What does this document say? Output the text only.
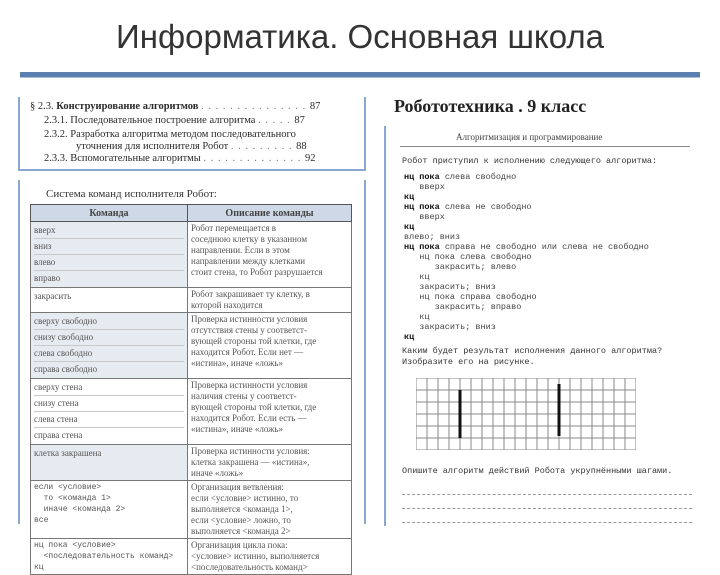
Информатика. Основная школа
§ 2.3. Конструирование алгоритмов . . . . . . . . . . . . . . . 87
2.3.1. Последовательное построение алгоритма . . . . . 87
2.3.2. Разработка алгоритма методом последовательного
уточнения для исполнителя Робот . . . . . . . . . 88
2.3.3. Вспомогательные алгоритмы . . . . . . . . . . . . . . 92
Система команд исполнителя Робот:
Команда	Описание команды

вверх
вниз
влево
вправо	Робот перемещается в
соседнюю клетку в указанном
направлении. Если в этом
направлении между клетками
стоит стена, то Робот разрушается

закрасить	Робот закрашивает ту клетку, в
которой находится

сверху свободно
снизу свободно
слева свободно
справа свободно	Проверка истинности условия
отсутствия стены у соответст-
вующей стороны той клетки, где
находится Робот. Если нет —
«истина», иначе «ложь»

сверху стена
снизу стена
слева стена
справа стена	Проверка истинности условия
наличия стены у соответст-
вующей стороны той клетки, где
находится Робот. Если есть —
«истина», иначе «ложь»

клетка закрашена	Проверка истинности условия:
клетка закрашена — «истина»,
иначе «ложь»

если <условие>
то <команда 1>
иначе <команда 2>
все	Организация ветвления:
если <условие> истинно, то
выполняется <команда 1>,
если <условие> ложно, то
выполняется <команда 2>

нц пока <условие>
<последовательность команд>
кц	Организация цикла пока:
<условие> истинно, выполняется
<последовательность команд>
Робототехника . 9 класс
Алгоритмизация и программирование
Робот приступил к исполнению следующего алгоритма:
нц пока слева свободно
вверх
кц
нц пока слева не свободно
вверх
кц
влево; вниз
нц пока справа не свободно или слева не свободно
нц пока слева свободно
закрасить; влево
кц
закрасить; вниз
нц пока справа свободно
закрасить; вправо
кц
закрасить; вниз
кц
Каким будет результат исполнения данного алгоритма? Изобразите его на рисунке.
Опишите алгоритм действий Робота укрупнёнными шагами.
